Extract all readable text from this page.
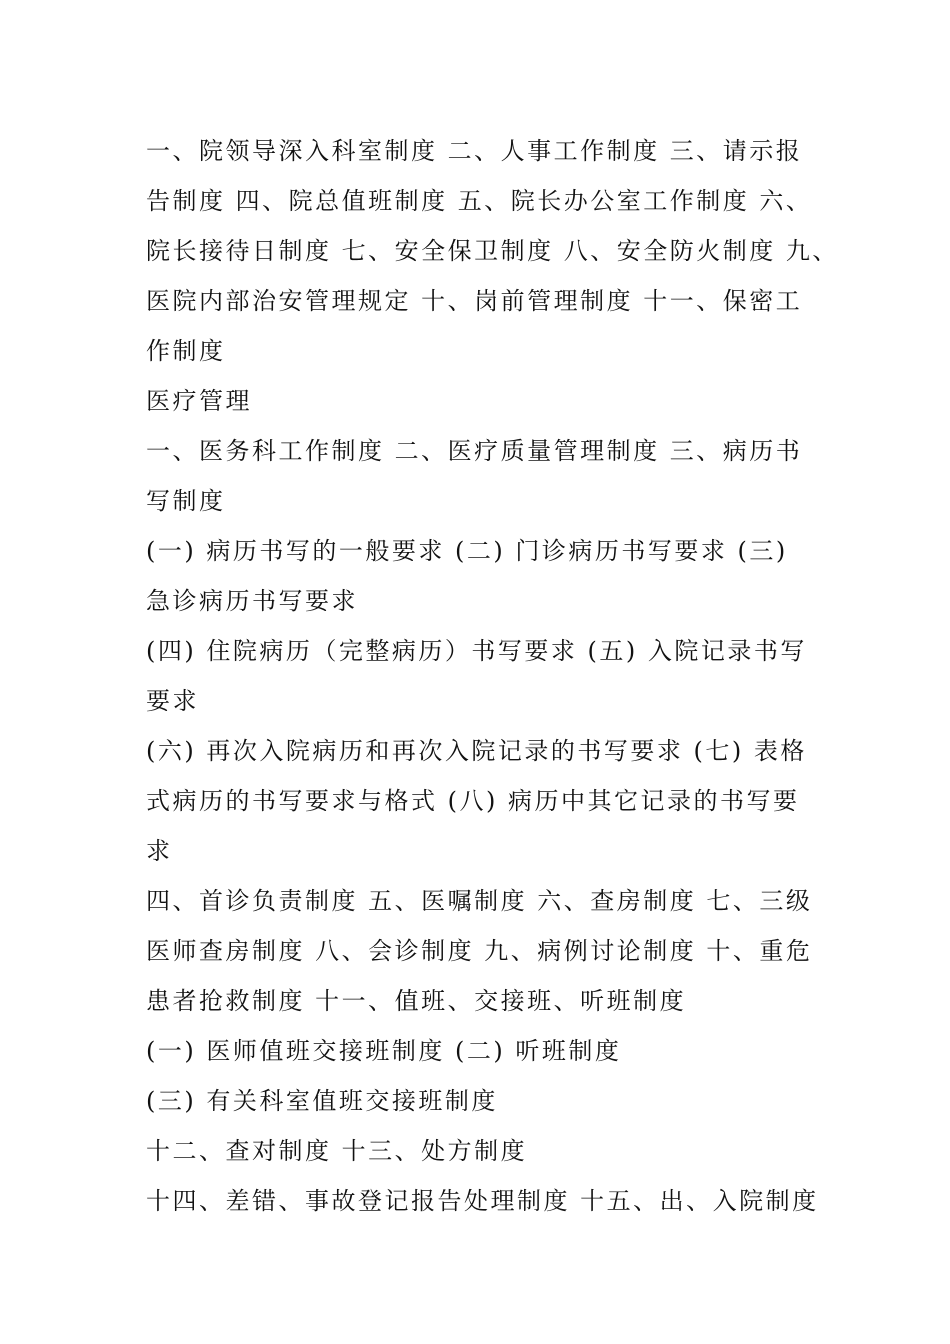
一、院领导深入科室制度 二、人事工作制度 三、请示报
告制度 四、院总值班制度 五、院长办公室工作制度 六、
院长接待日制度 七、安全保卫制度 八、安全防火制度 九、
医院内部治安管理规定 十、岗前管理制度 十一、保密工
作制度
医疗管理
一、医务科工作制度 二、医疗质量管理制度 三、病历书
写制度
(一) 病历书写的一般要求 (二) 门诊病历书写要求 (三)
急诊病历书写要求
(四) 住院病历（完整病历）书写要求 (五) 入院记录书写
要求
(六) 再次入院病历和再次入院记录的书写要求 (七) 表格
式病历的书写要求与格式 (八) 病历中其它记录的书写要
求
四、首诊负责制度 五、医嘱制度 六、查房制度 七、三级
医师查房制度 八、会诊制度 九、病例讨论制度 十、重危
患者抢救制度 十一、值班、交接班、听班制度
(一) 医师值班交接班制度 (二) 听班制度
(三) 有关科室值班交接班制度
十二、查对制度 十三、处方制度
十四、差错、事故登记报告处理制度 十五、出、入院制度
